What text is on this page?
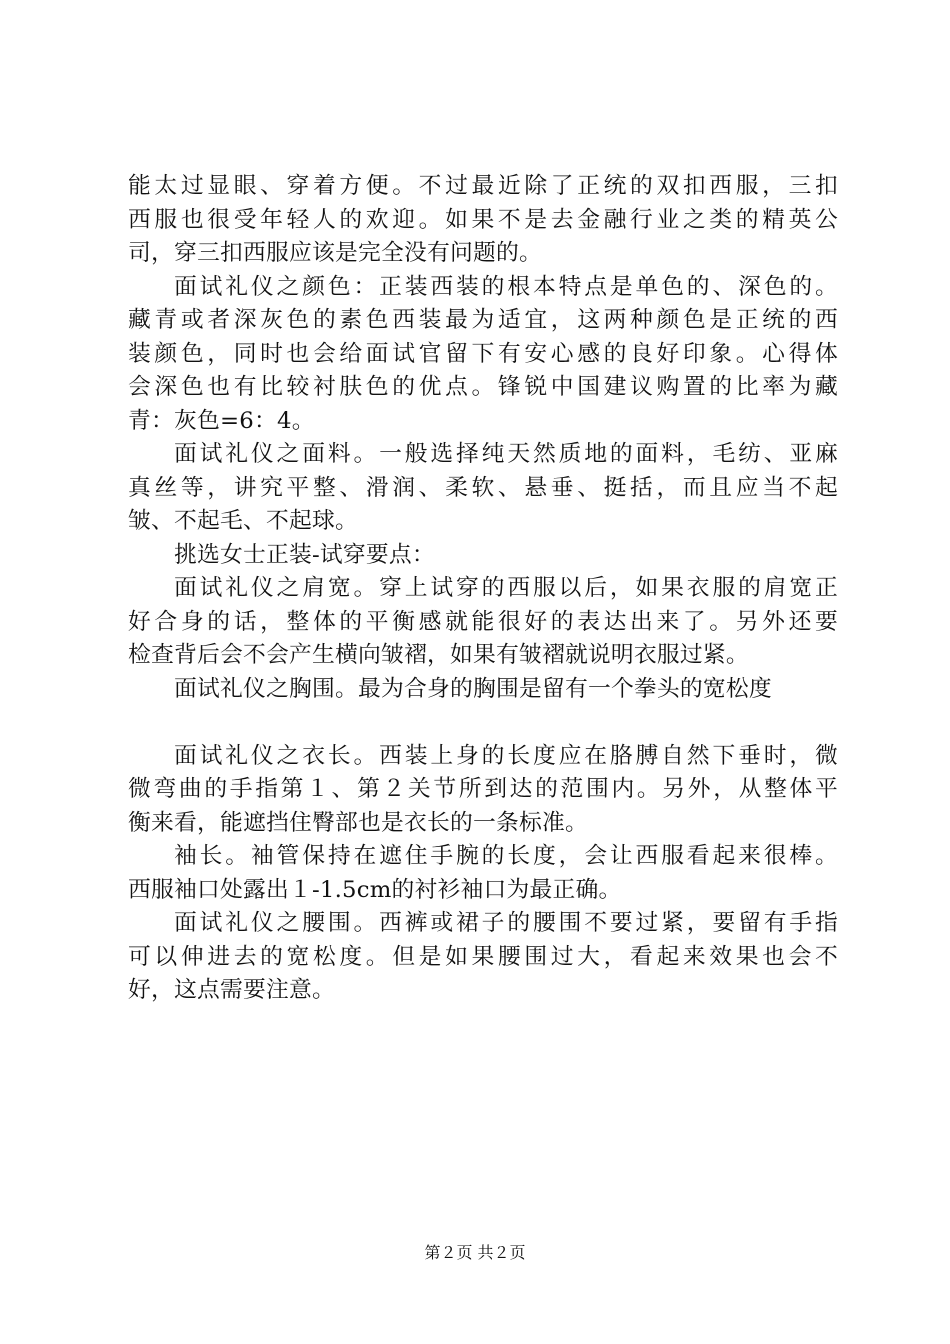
能太过显眼、穿着方便。不过最近除了正统的双扣西服，三扣
西服也很受年轻人的欢迎。如果不是去金融行业之类的精英公
司，穿三扣西服应该是完全没有问题的。
面试礼仪之颜色：正装西装的根本特点是单色的、深色的。
藏青或者深灰色的素色西装最为适宜，这两种颜色是正统的西
装颜色，同时也会给面试官留下有安心感的良好印象。心得体
会深色也有比较衬肤色的优点。锋锐中国建议购置的比率为藏
青：灰色=6：4。
面试礼仪之面料。一般选择纯天然质地的面料，毛纺、亚麻
真丝等，讲究平整、滑润、柔软、悬垂、挺括，而且应当不起
皱、不起毛、不起球。
挑选女士正装-试穿要点：
面试礼仪之肩宽。穿上试穿的西服以后，如果衣服的肩宽正
好合身的话，整体的平衡感就能很好的表达出来了。另外还要
检查背后会不会产生横向皱褶，如果有皱褶就说明衣服过紧。
面试礼仪之胸围。最为合身的胸围是留有一个拳头的宽松度
面试礼仪之衣长。西装上身的长度应在胳膊自然下垂时，微
微弯曲的手指第１、第２关节所到达的范围内。另外，从整体平
衡来看，能遮挡住臀部也是衣长的一条标准。
袖长。袖管保持在遮住手腕的长度，会让西服看起来很棒。
西服袖口处露出１-1.5cm的衬衫袖口为最正确。
面试礼仪之腰围。西裤或裙子的腰围不要过紧，要留有手指
可以伸进去的宽松度。但是如果腰围过大，看起来效果也会不
好，这点需要注意。
第２页 共２页
